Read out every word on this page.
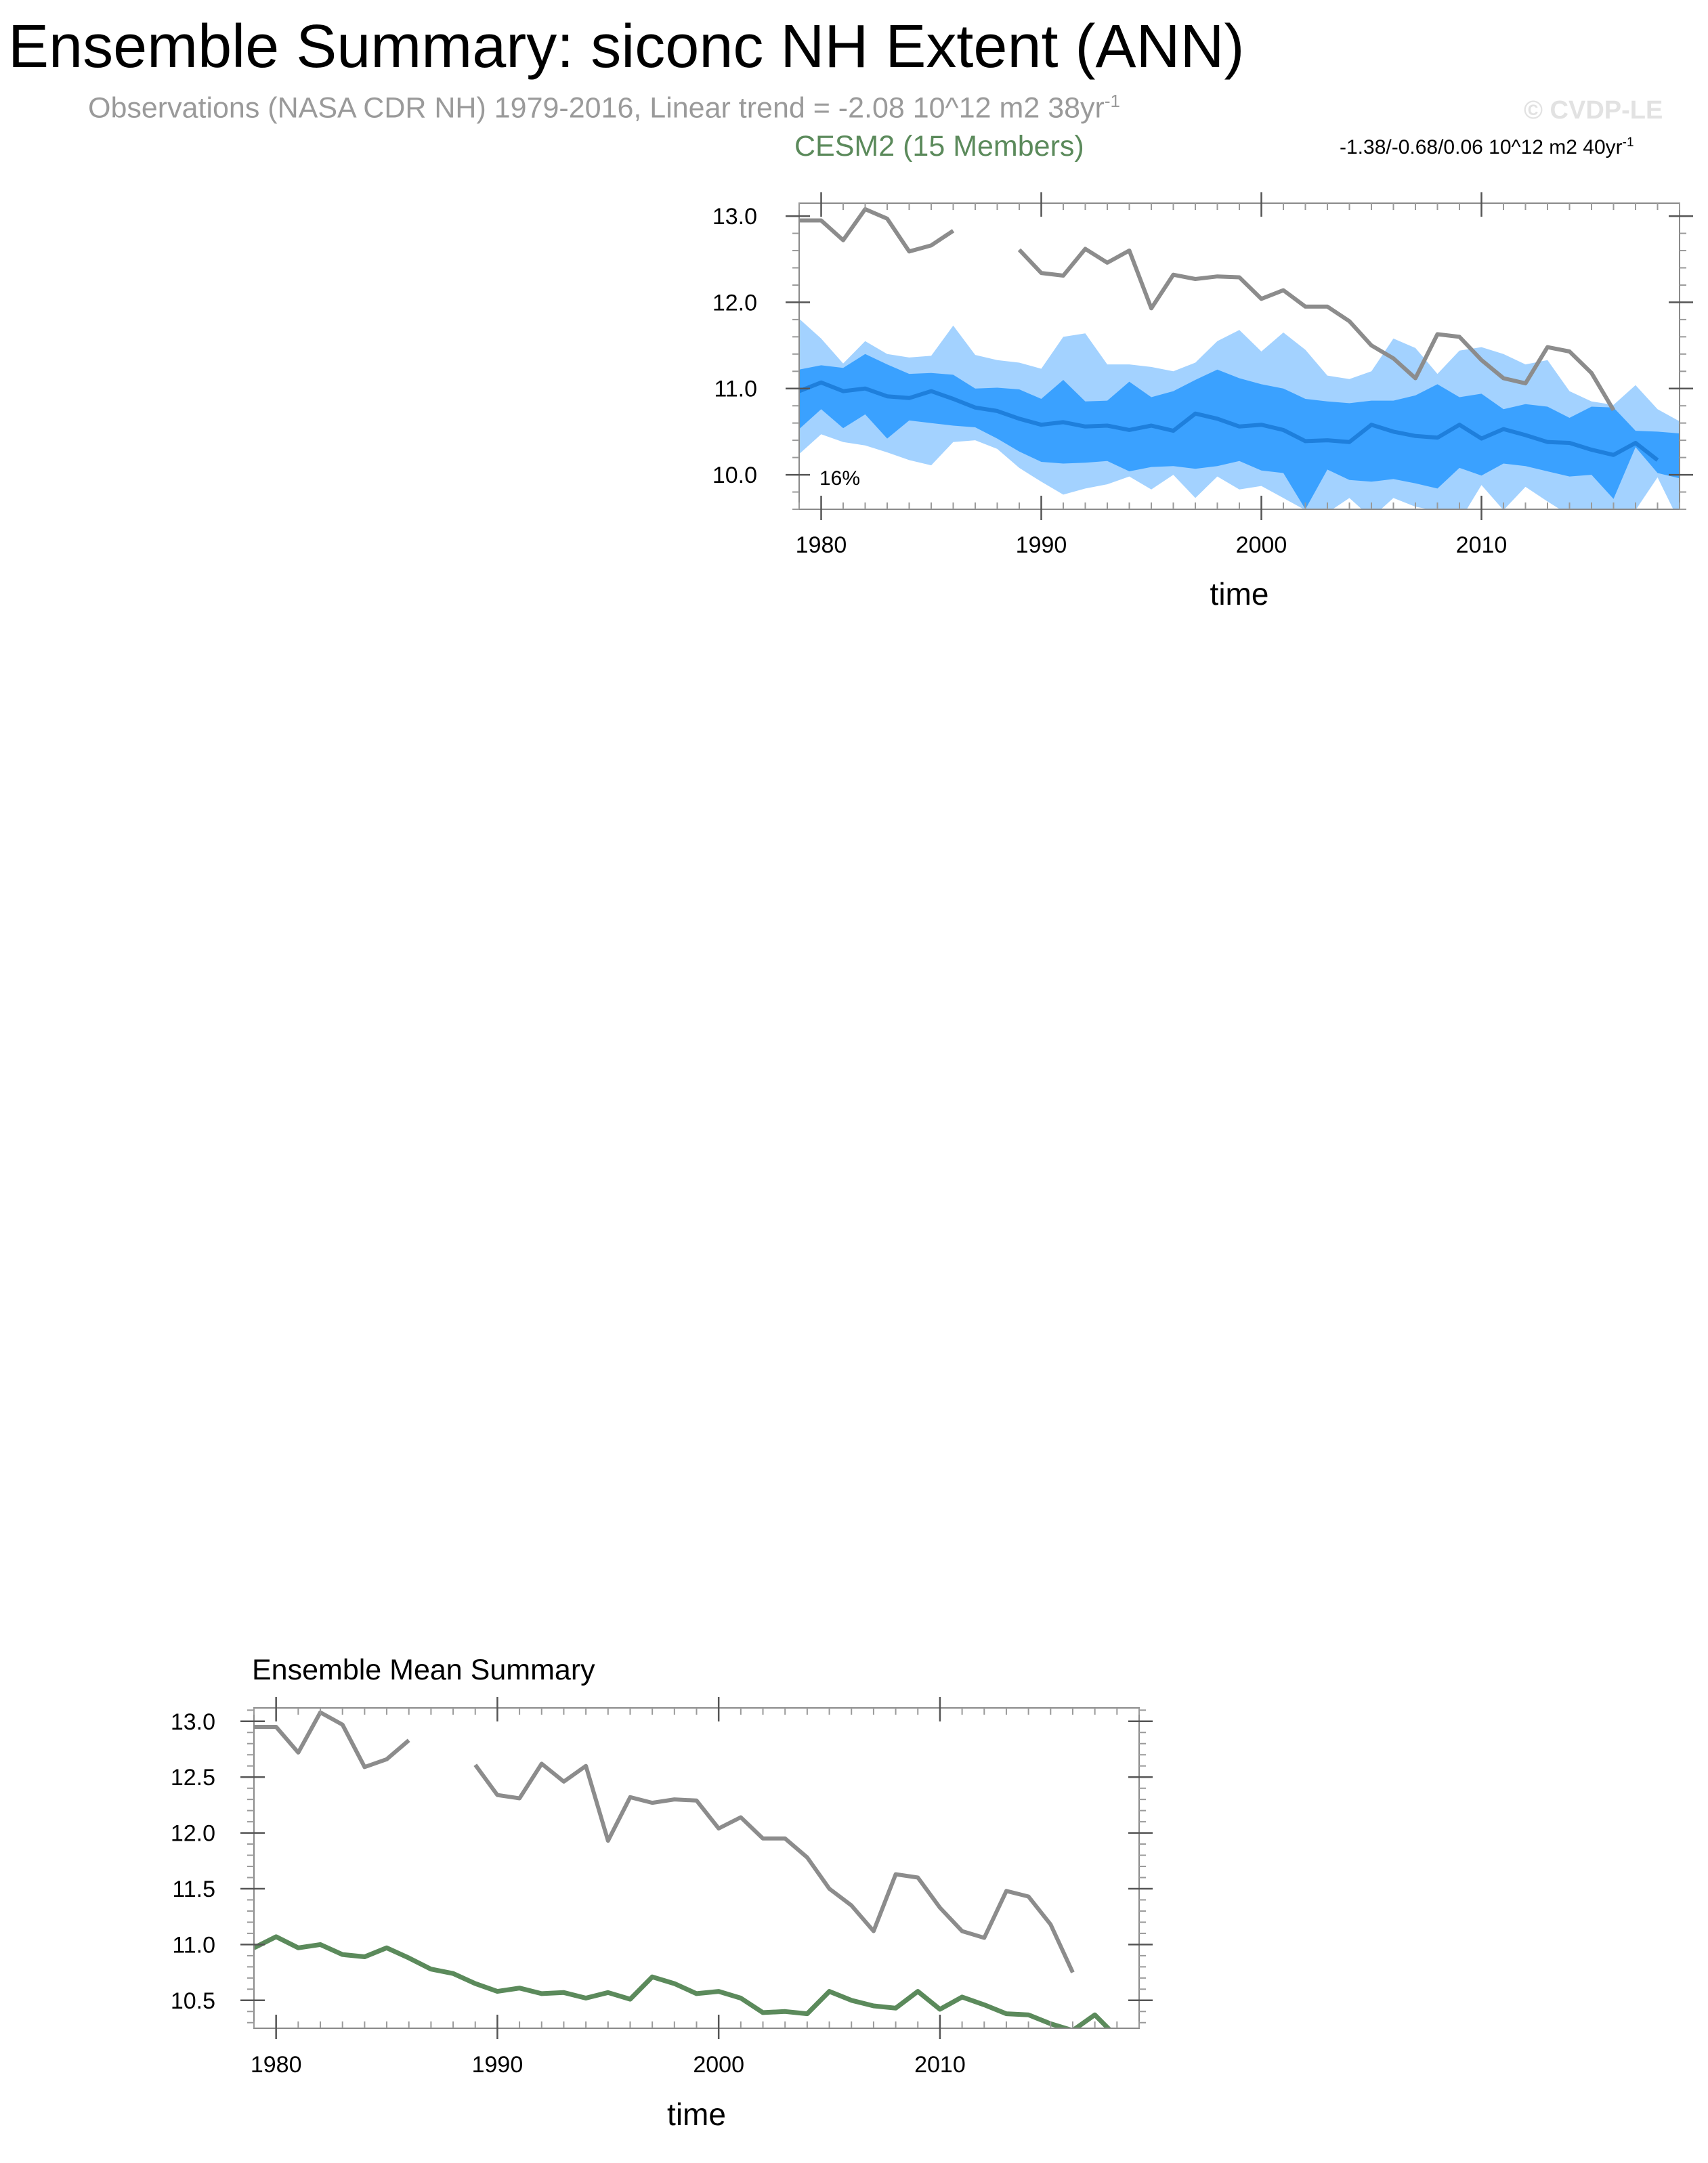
Ensemble Summary: siconc NH Extent (ANN)
Observations (NASA CDR NH) 1979-2016, Linear trend = -2.08 10^12 m2 $38yr^{-1}$	© CVDP-LE
CESM2 (15 Members)	-1.38/-0.68/0.06 10^12 m2 $40yr^{-1}$
Ensemble Mean Summary
1980	1990	2000	2010
10.0
11.0
12.0
13.0
time
16%
1980	1990	2000	2010
10.5
11.0
11.5
12.0
12.5
13.0
time
